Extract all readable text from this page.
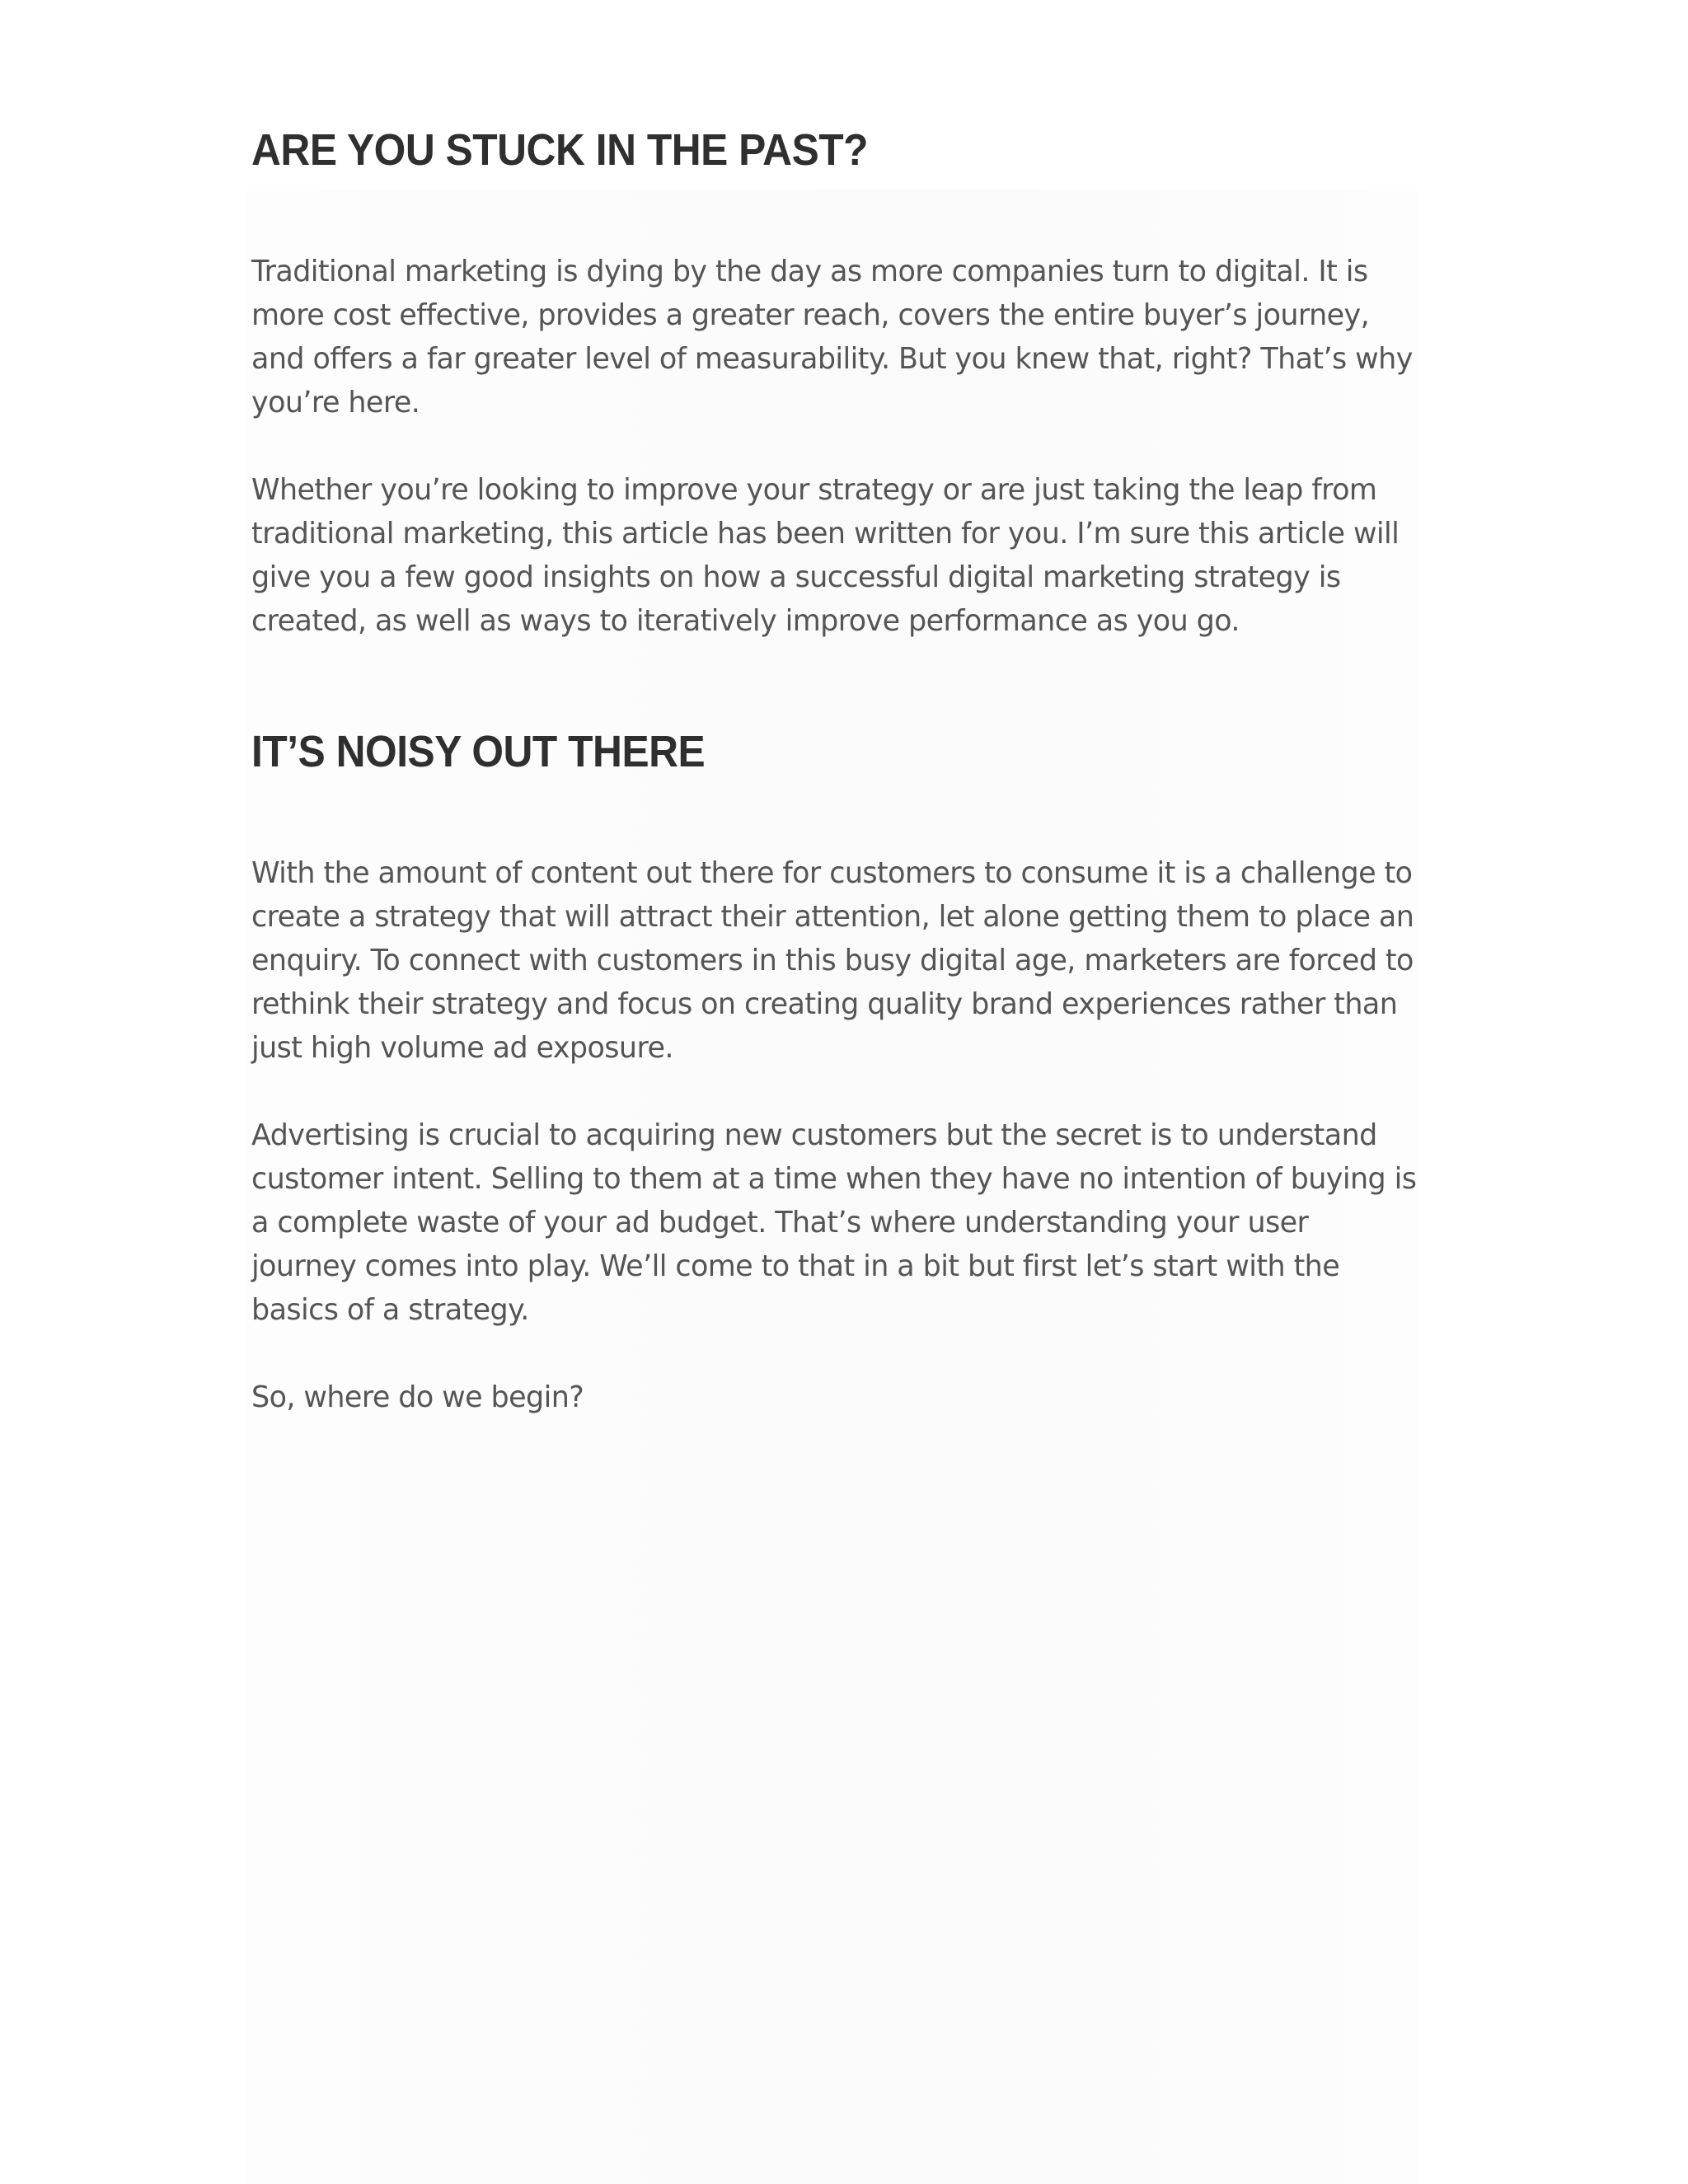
ARE YOU STUCK IN THE PAST?

Traditional marketing is dying by the day as more companies turn to digital. It is more cost effective, provides a greater reach, covers the entire buyer’s journey, and offers a far greater level of measurability. But you knew that, right? That’s why you’re here.

Whether you’re looking to improve your strategy or are just taking the leap from traditional marketing, this article has been written for you. I’m sure this article will give you a few good insights on how a successful digital marketing strategy is created, as well as ways to iteratively improve performance as you go.

IT’S NOISY OUT THERE

With the amount of content out there for customers to consume it is a challenge to create a strategy that will attract their attention, let alone getting them to place an enquiry. To connect with customers in this busy digital age, marketers are forced to rethink their strategy and focus on creating quality brand experiences rather than just high volume ad exposure.

Advertising is crucial to acquiring new customers but the secret is to understand customer intent. Selling to them at a time when they have no intention of buying is a complete waste of your ad budget. That’s where understanding your user journey comes into play. We’ll come to that in a bit but first let’s start with the basics of a strategy.

So, where do we begin?
